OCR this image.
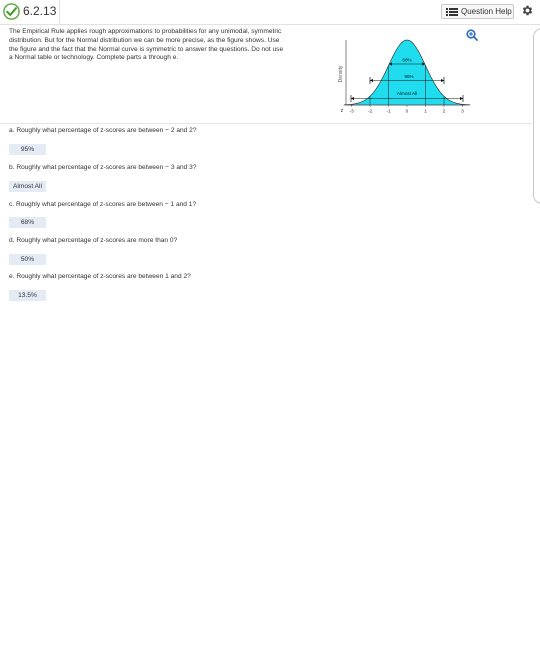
6.2.13	Question Help
The Empirical Rule applies rough approximations to probabilities for any unimodal, symmetric distribution. But for the Normal distribution we can be more precise, as the figure shows. Use the figure and the fact that the Normal curve is symmetric to answer the questions. Do not use a Normal table or technology. Complete parts a through e.
Density
68%
95%
Almost All
z -3	-2	-1	0	1	2	3
a. Roughly what percentage of z-scores are between − 2 and 2?
95%
b. Roughly what percentage of z-scores are between − 3 and 3?
Almost All
c. Roughly what percentage of z-scores are between − 1 and 1?
68%
d. Roughly what percentage of z-scores are more than 0?
50%
e. Roughly what percentage of z-scores are between 1 and 2?
13.5%
